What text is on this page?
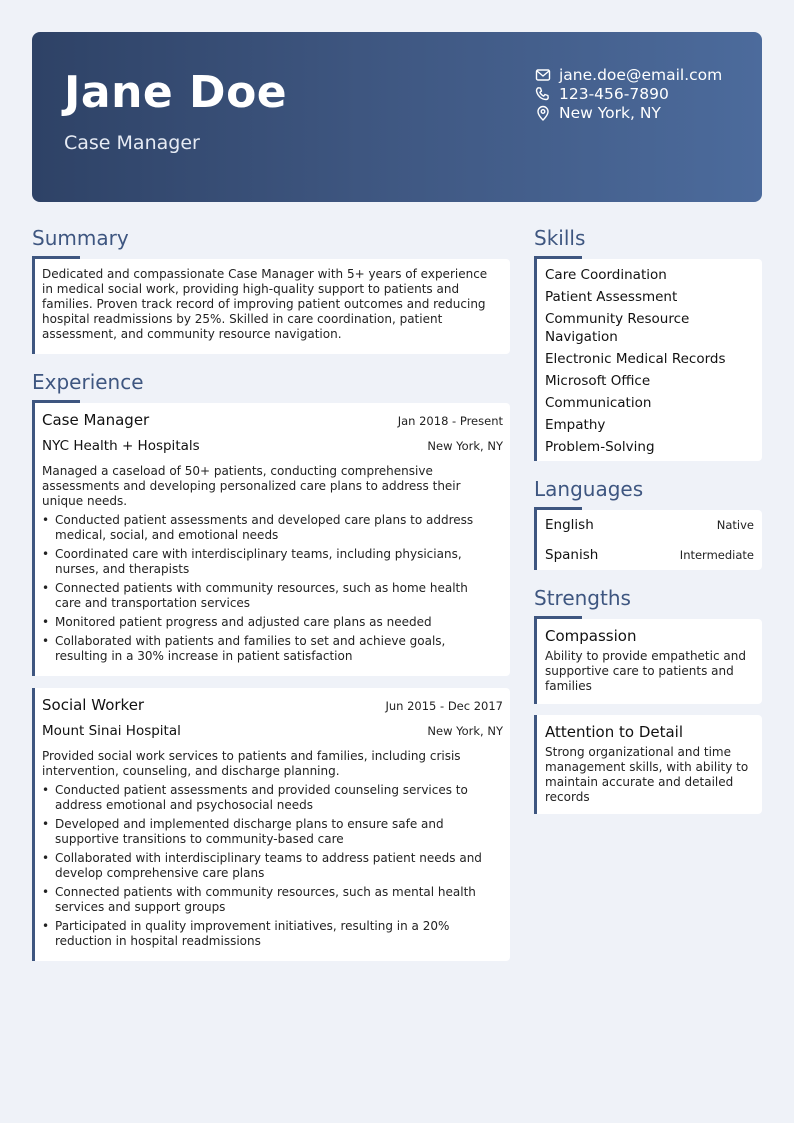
Jane Doe
Case Manager
jane.doe@email.com
123-456-7890
New York, NY
Summary
Dedicated and compassionate Case Manager with 5+ years of experience
in medical social work, providing high-quality support to patients and
families. Proven track record of improving patient outcomes and reducing
hospital readmissions by 25%. Skilled in care coordination, patient
assessment, and community resource navigation.
Experience
Case Manager	Jan 2018 - Present
NYC Health + Hospitals	New York, NY
Managed a caseload of 50+ patients, conducting comprehensive
assessments and developing personalized care plans to address their
unique needs.
• Conducted patient assessments and developed care plans to address
medical, social, and emotional needs
• Coordinated care with interdisciplinary teams, including physicians,
nurses, and therapists
• Connected patients with community resources, such as home health
care and transportation services
• Monitored patient progress and adjusted care plans as needed
• Collaborated with patients and families to set and achieve goals,
resulting in a 30% increase in patient satisfaction
Social Worker	Jun 2015 - Dec 2017
Mount Sinai Hospital	New York, NY
Provided social work services to patients and families, including crisis
intervention, counseling, and discharge planning.
• Conducted patient assessments and provided counseling services to
address emotional and psychosocial needs
• Developed and implemented discharge plans to ensure safe and
supportive transitions to community-based care
• Collaborated with interdisciplinary teams to address patient needs and
develop comprehensive care plans
• Connected patients with community resources, such as mental health
services and support groups
• Participated in quality improvement initiatives, resulting in a 20%
reduction in hospital readmissions
Skills
Care Coordination
Patient Assessment
Community Resource
Navigation
Electronic Medical Records
Microsoft Office
Communication
Empathy
Problem-Solving
Languages
English	Native
Spanish	Intermediate
Strengths
Compassion
Ability to provide empathetic and
supportive care to patients and
families
Attention to Detail
Strong organizational and time
management skills, with ability to
maintain accurate and detailed
records
